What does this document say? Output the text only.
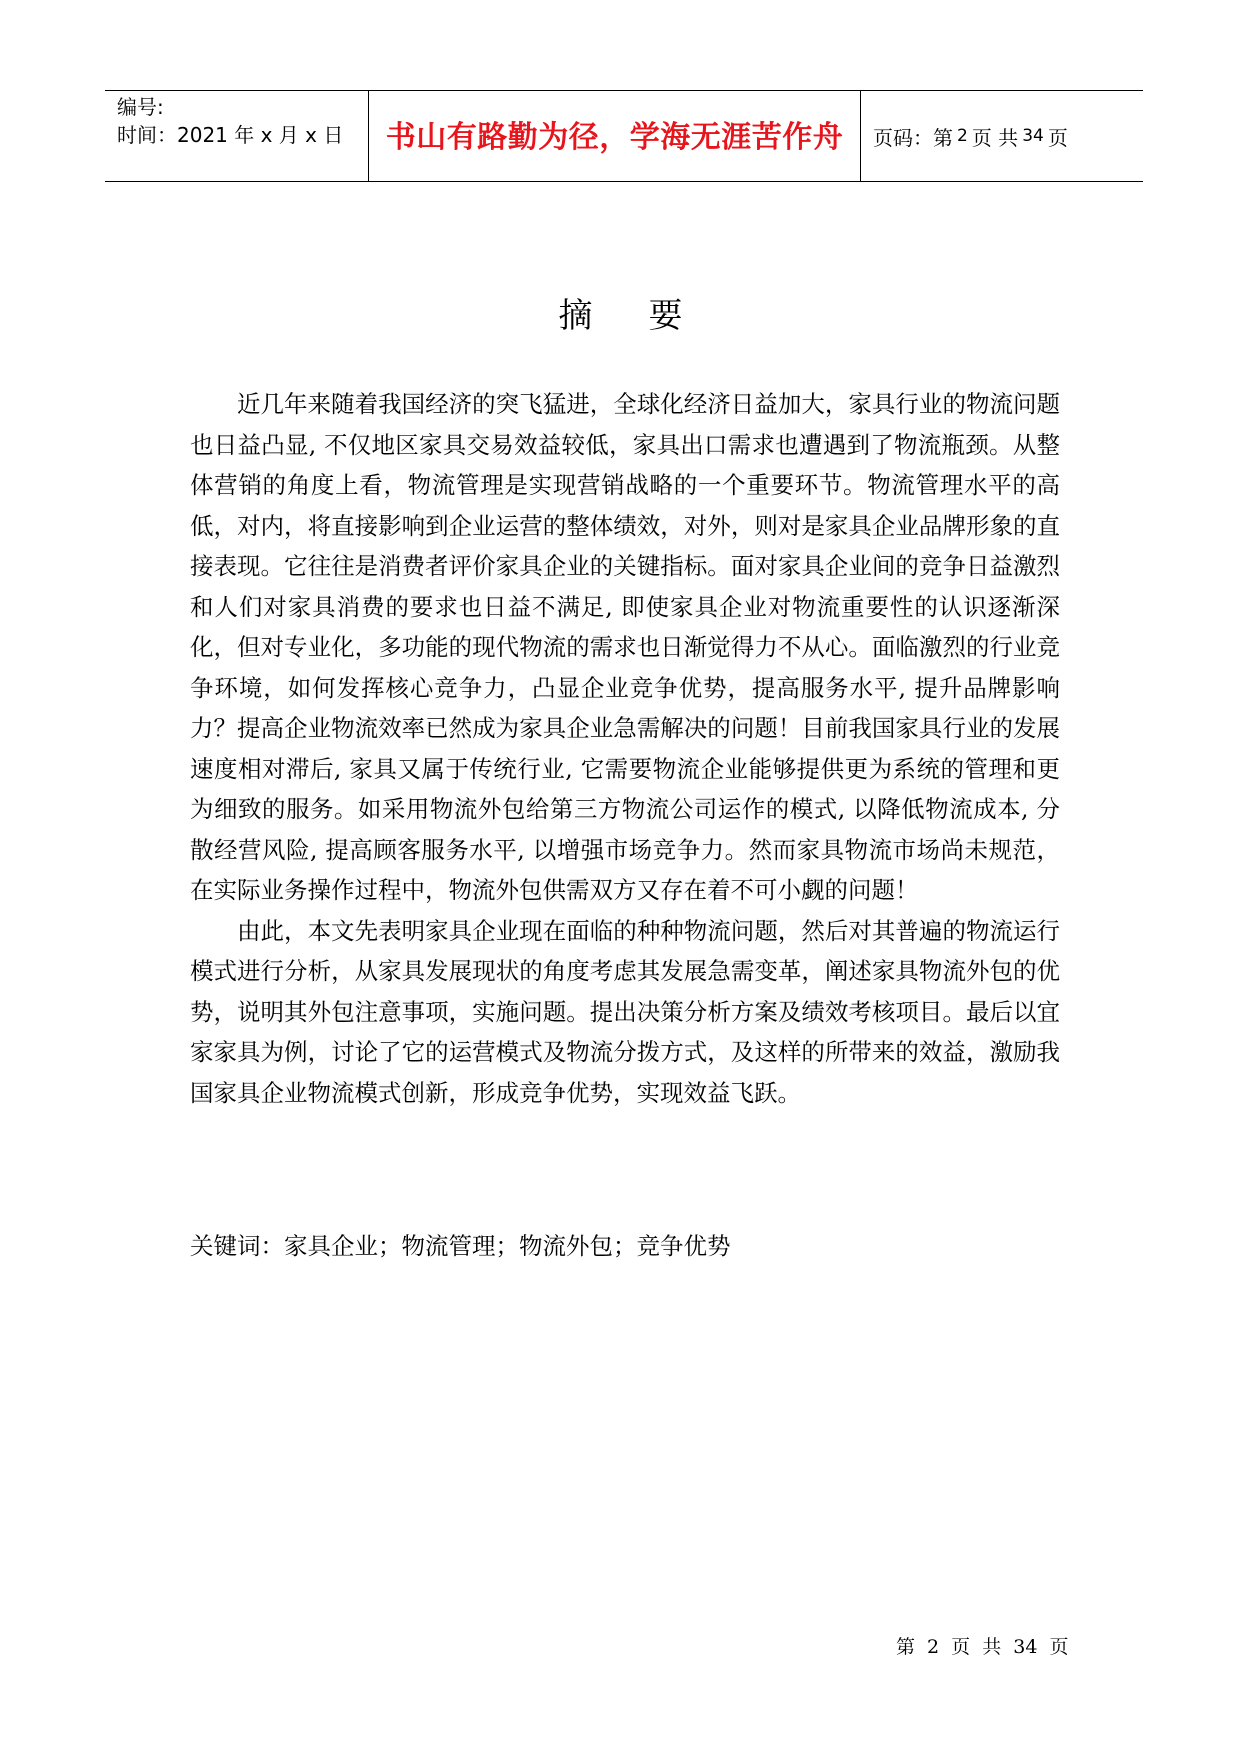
编号:
时间：2021 年 x 月 x 日 书山有路勤为径，学海无涯苦作舟 页码：第 2 页 共 34 页
摘要

近几年来随着我国经济的突飞猛进，全球化经济日益加大，家具行业的物流问题也日益凸显, 不仅地区家具交易效益较低，家具出口需求也遭遇到了物流瓶颈。从整体营销的角度上看，物流管理是实现营销战略的一个重要环节。物流管理水平的高低，对内，将直接影响到企业运营的整体绩效，对外，则对是家具企业品牌形象的直接表现。它往往是消费者评价家具企业的关键指标。面对家具企业间的竞争日益激烈和人们对家具消费的要求也日益不满足, 即使家具企业对物流重要性的认识逐渐深化，但对专业化，多功能的现代物流的需求也日渐觉得力不从心。面临激烈的行业竞争环境，如何发挥核心竞争力，凸显企业竞争优势，提高服务水平, 提升品牌影响力？提高企业物流效率已然成为家具企业急需解决的问题！目前我国家具行业的发展速度相对滞后, 家具又属于传统行业, 它需要物流企业能够提供更为系统的管理和更为细致的服务。如采用物流外包给第三方物流公司运作的模式, 以降低物流成本, 分散经营风险, 提高顾客服务水平, 以增强市场竞争力。然而家具物流市场尚未规范，在实际业务操作过程中，物流外包供需双方又存在着不可小觑的问题！

由此，本文先表明家具企业现在面临的种种物流问题，然后对其普遍的物流运行模式进行分析，从家具发展现状的角度考虑其发展急需变革，阐述家具物流外包的优势，说明其外包注意事项，实施问题。提出决策分析方案及绩效考核项目。最后以宜家家具为例，讨论了它的运营模式及物流分拨方式，及这样的所带来的效益，激励我国家具企业物流模式创新，形成竞争优势，实现效益飞跃。

关键词：家具企业；物流管理；物流外包；竞争优势
第 2 页 共 34 页
